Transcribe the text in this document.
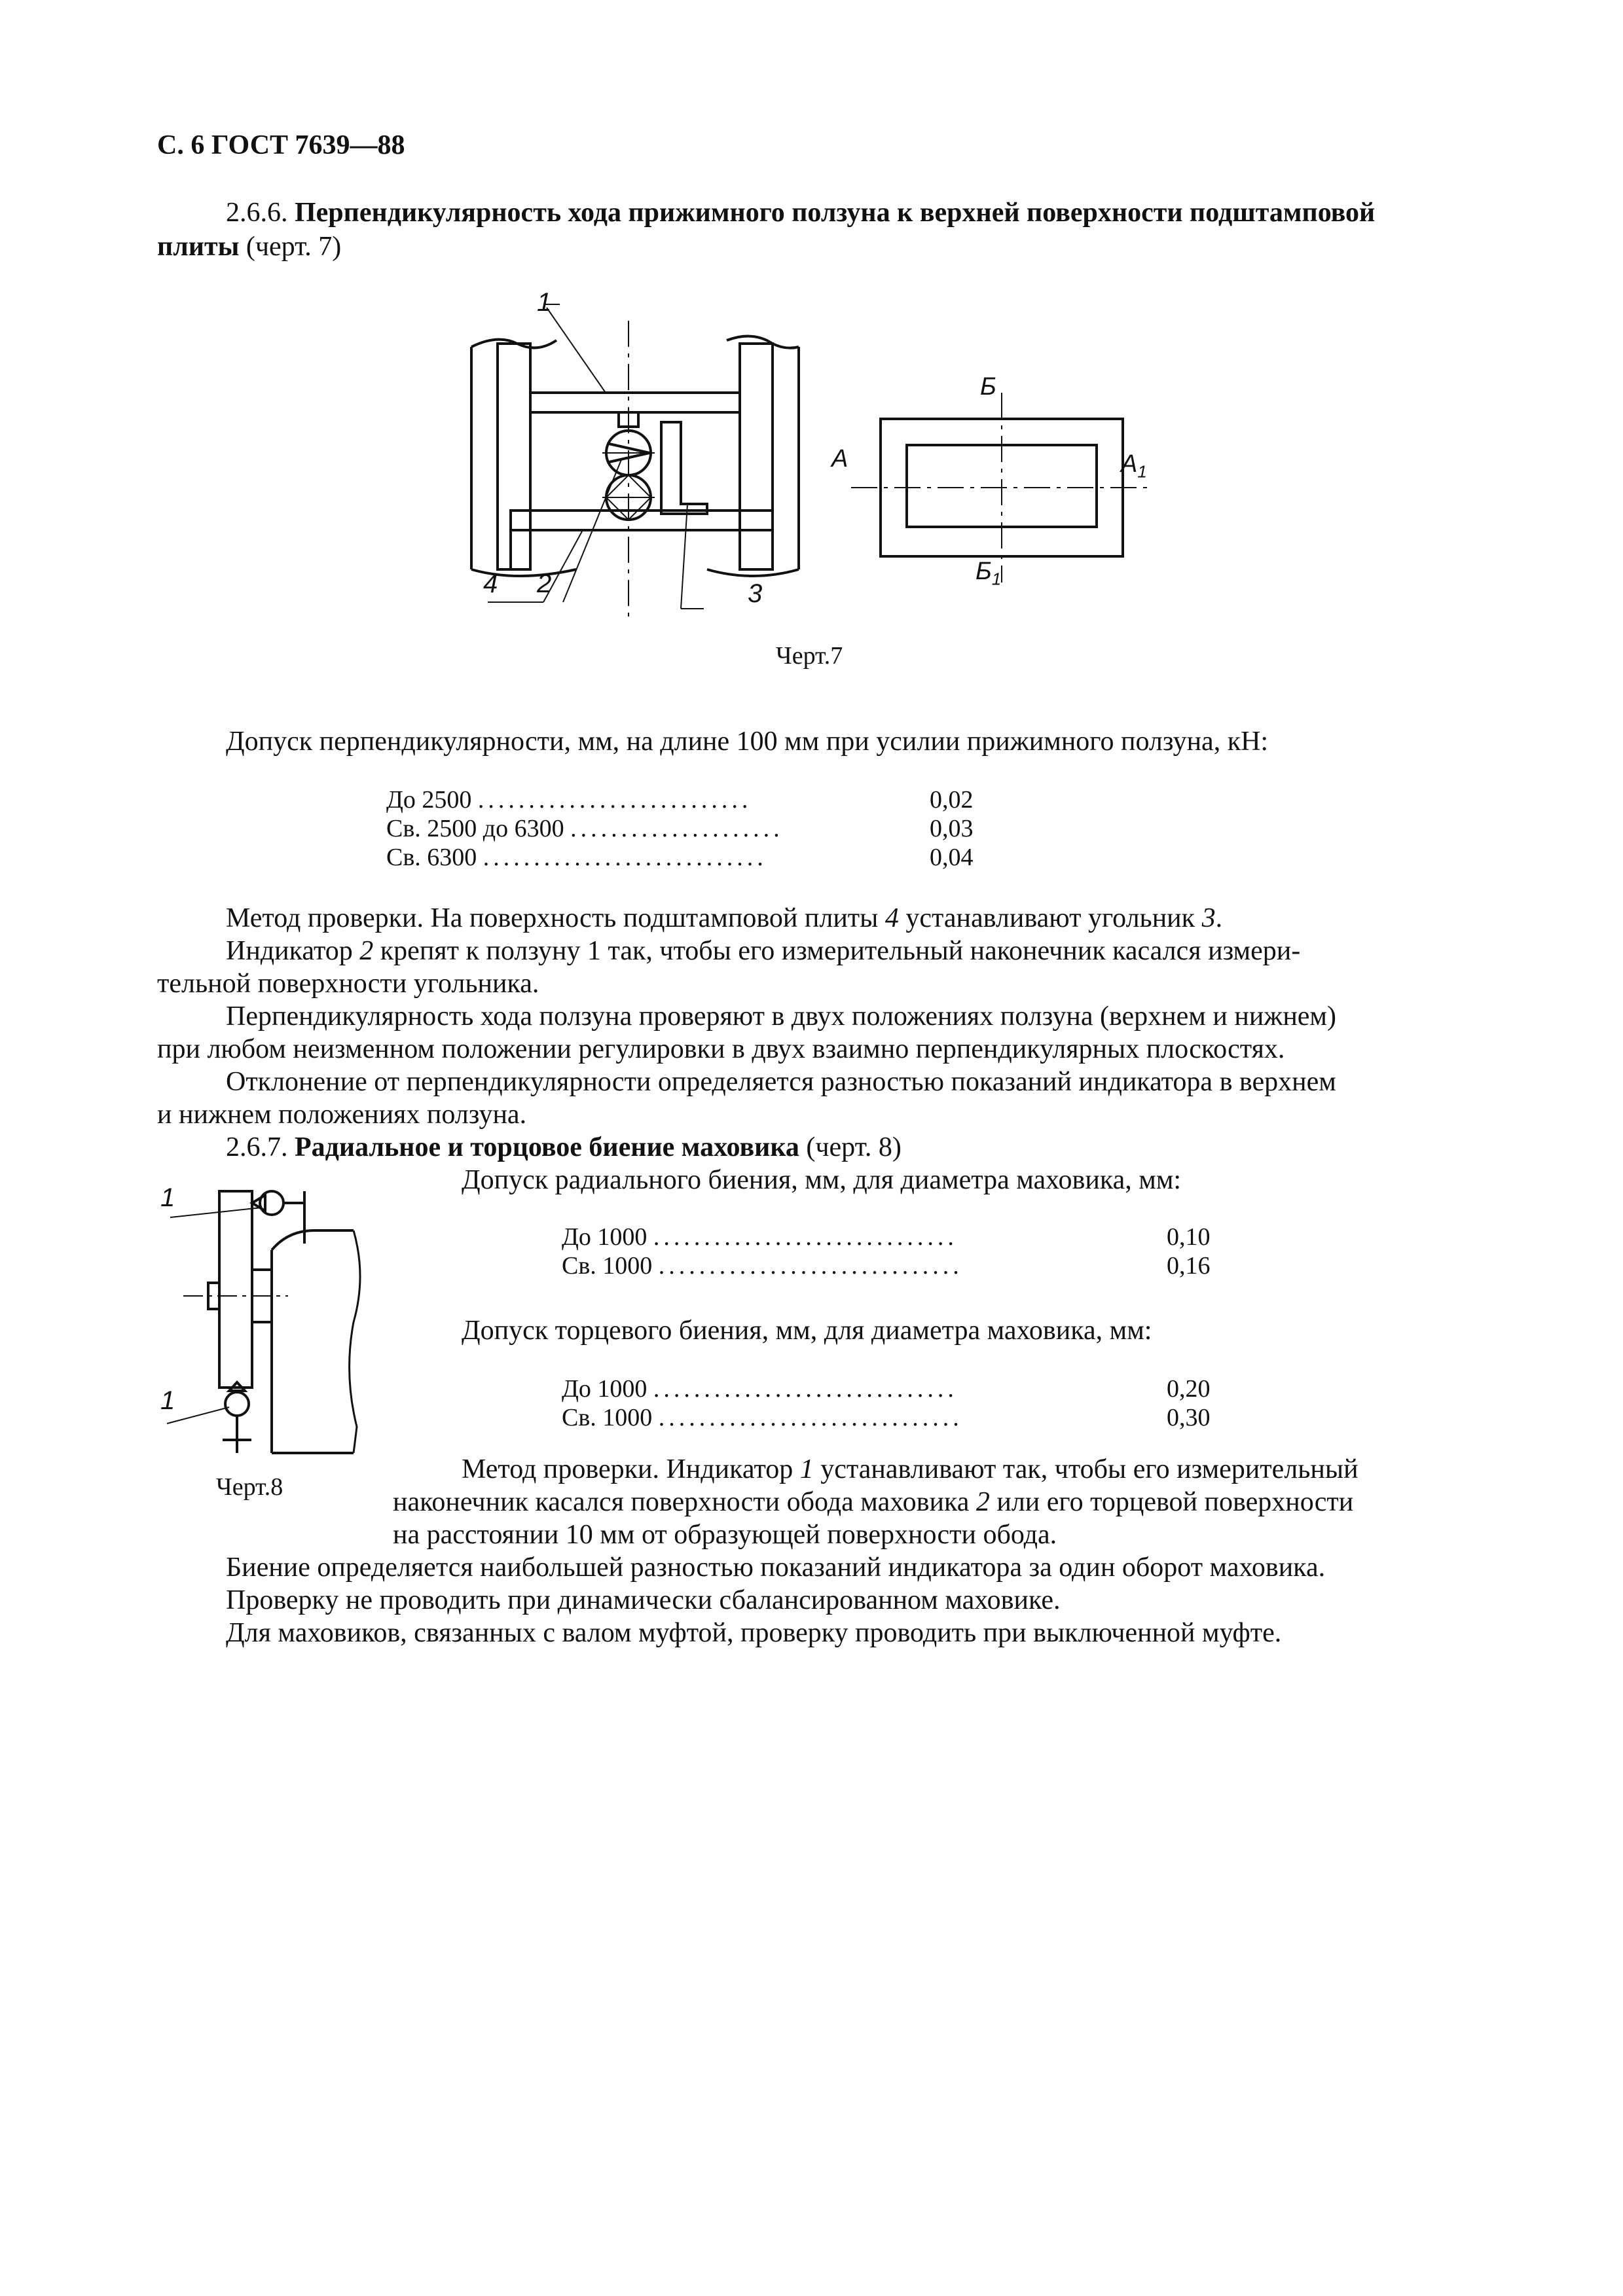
С. 6 ГОСТ 7639—88
2.6.6. Перпендикулярность хода прижимного ползуна к верхней поверхности подштамповой
плиты (черт. 7)
1
4 2	3
А	$А_1$
Б
$Б_1$
Черт.7
Допуск перпендикулярности, мм, на длине 100 мм при усилии прижимного ползуна, кН:
До 2500 ...........................	0,02
Св. 2500 до 6300 .....................	0,03
Св. 6300 ............................	0,04
Метод проверки. На поверхность подштамповой плиты 4 устанавливают угольник 3.
Индикатор 2 крепят к ползуну 1 так, чтобы его измерительный наконечник касался измери-
тельной поверхности угольника.
Перпендикулярность хода ползуна проверяют в двух положениях ползуна (верхнем и нижнем)
при любом неизменном положении регулировки в двух взаимно перпендикулярных плоскостях.
Отклонение от перпендикулярности определяется разностью показаний индикатора в верхнем
и нижнем положениях ползуна.
2.6.7. Радиальное и торцовое биение маховика (черт. 8)
Допуск радиального биения, мм, для диаметра маховика, мм:
До 1000 ..............................	0,10
Св. 1000 ..............................	0,16
Допуск торцевого биения, мм, для диаметра маховика, мм:
До 1000 ..............................	0,20
Св. 1000 ..............................	0,30
1
1
Черт.8
Метод проверки. Индикатор 1 устанавливают так, чтобы его измерительный
наконечник касался поверхности обода маховика 2 или его торцевой поверхности
на расстоянии 10 мм от образующей поверхности обода.
Биение определяется наибольшей разностью показаний индикатора за один оборот маховика.
Проверку не проводить при динамически сбалансированном маховике.
Для маховиков, связанных с валом муфтой, проверку проводить при выключенной муфте.
